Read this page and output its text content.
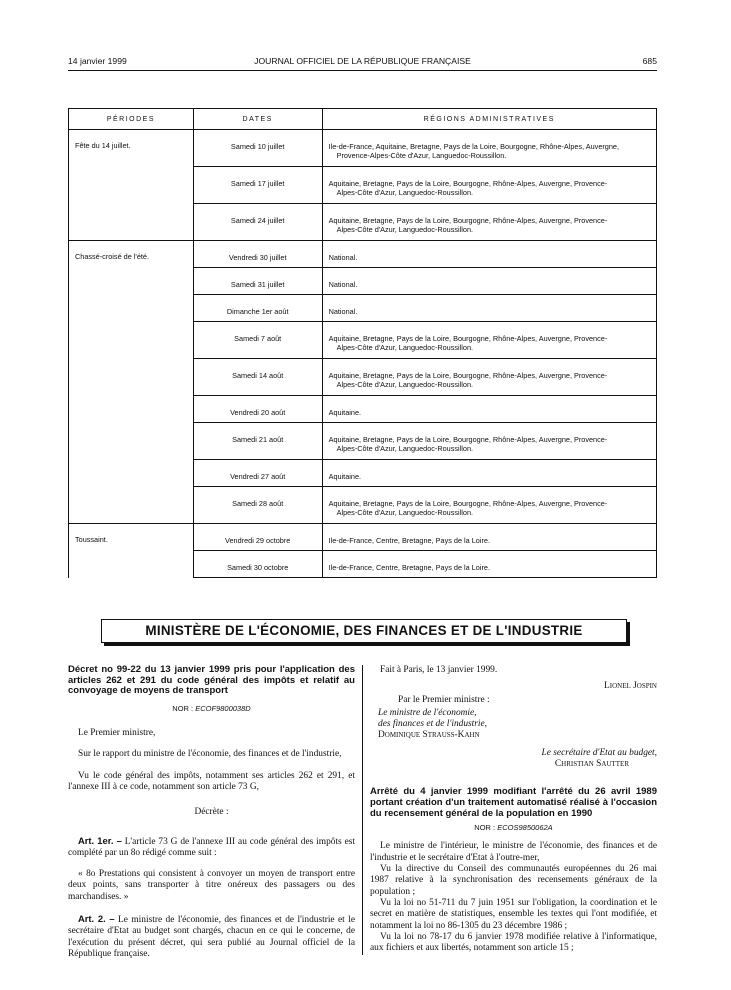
14 janvier 1999	JOURNAL OFFICIEL DE LA RÉPUBLIQUE FRANÇAISE	685
PÉRIODES	DATES	RÉGIONS ADMINISTRATIVES
Fête du 14 juillet.	Samedi 10 juillet	Ile-de-France, Aquitaine, Bretagne, Pays de la Loire, Bourgogne, Rhône-Alpes, Auvergne,
Provence-Alpes-Côte d'Azur, Languedoc-Roussillon.

	Samedi 17 juillet	Aquitaine, Bretagne, Pays de la Loire, Bourgogne, Rhône-Alpes, Auvergne, Provence-
Alpes-Côte d'Azur, Languedoc-Roussillon.

	Samedi 24 juillet	Aquitaine, Bretagne, Pays de la Loire, Bourgogne, Rhône-Alpes, Auvergne, Provence-
Alpes-Côte d'Azur, Languedoc-Roussillon.

Chassé-croisé de l'été.	Vendredi 30 juillet	National.

	Samedi 31 juillet	National.

	Dimanche 1er août	National.

	Samedi 7 août	Aquitaine, Bretagne, Pays de la Loire, Bourgogne, Rhône-Alpes, Auvergne, Provence-
Alpes-Côte d'Azur, Languedoc-Roussillon.

	Samedi 14 août	Aquitaine, Bretagne, Pays de la Loire, Bourgogne, Rhône-Alpes, Auvergne, Provence-
Alpes-Côte d'Azur, Languedoc-Roussillon.

	Vendredi 20 août	Aquitaine.

	Samedi 21 août	Aquitaine, Bretagne, Pays de la Loire, Bourgogne, Rhône-Alpes, Auvergne, Provence-
Alpes-Côte d'Azur, Languedoc-Roussillon.

	Vendredi 27 août	Aquitaine.

	Samedi 28 août	Aquitaine, Bretagne, Pays de la Loire, Bourgogne, Rhône-Alpes, Auvergne, Provence-
Alpes-Côte d'Azur, Languedoc-Roussillon.

Toussaint.	Vendredi 29 octobre	Ile-de-France, Centre, Bretagne, Pays de la Loire.

	Samedi 30 octobre	Ile-de-France, Centre, Bretagne, Pays de la Loire.
MINISTÈRE DE L'ÉCONOMIE, DES FINANCES ET DE L'INDUSTRIE
Décret no 99-22 du 13 janvier 1999 pris pour l'application des articles 262 et 291 du code général des impôts et relatif au convoyage de moyens de transport
NOR : ECOF9800038D

Le Premier ministre,

Sur le rapport du ministre de l'économie, des finances et de l'industrie,

Vu le code général des impôts, notamment ses articles 262 et 291, et l'annexe III à ce code, notamment son article 73 G,

Décrète :

Art. 1er. – L'article 73 G de l'annexe III au code général des impôts est complété par un 8o rédigé comme suit :

« 8o Prestations qui consistent à convoyer un moyen de transport entre deux points, sans transporter à titre onéreux des passagers ou des marchandises. »

Art. 2. – Le ministre de l'économie, des finances et de l'industrie et le secrétaire d'Etat au budget sont chargés, chacun en ce qui le concerne, de l'exécution du présent décret, qui sera publié au Journal officiel de la République française.

Fait à Paris, le 13 janvier 1999.

Lionel Jospin

Par le Premier ministre :

Le ministre de l'économie,

des finances et de l'industrie,

Dominique Strauss-Kahn

Le secrétaire d'Etat au budget,

Christian Sautter

Arrêté du 4 janvier 1999 modifiant l'arrêté du 26 avril 1989 portant création d'un traitement automatisé réalisé à l'occasion du recensement général de la population en 1990
NOR : ECOS9850062A

Le ministre de l'intérieur, le ministre de l'économie, des finances et de l'industrie et le secrétaire d'Etat à l'outre-mer,

Vu la directive du Conseil des communautés européennes du 26 mai 1987 relative à la synchronisation des recensements généraux de la population ;

Vu la loi no 51-711 du 7 juin 1951 sur l'obligation, la coordination et le secret en matière de statistiques, ensemble les textes qui l'ont modifiée, et notamment la loi no 86-1305 du 23 décembre 1986 ;

Vu la loi no 78-17 du 6 janvier 1978 modifiée relative à l'informatique, aux fichiers et aux libertés, notamment son article 15 ;
